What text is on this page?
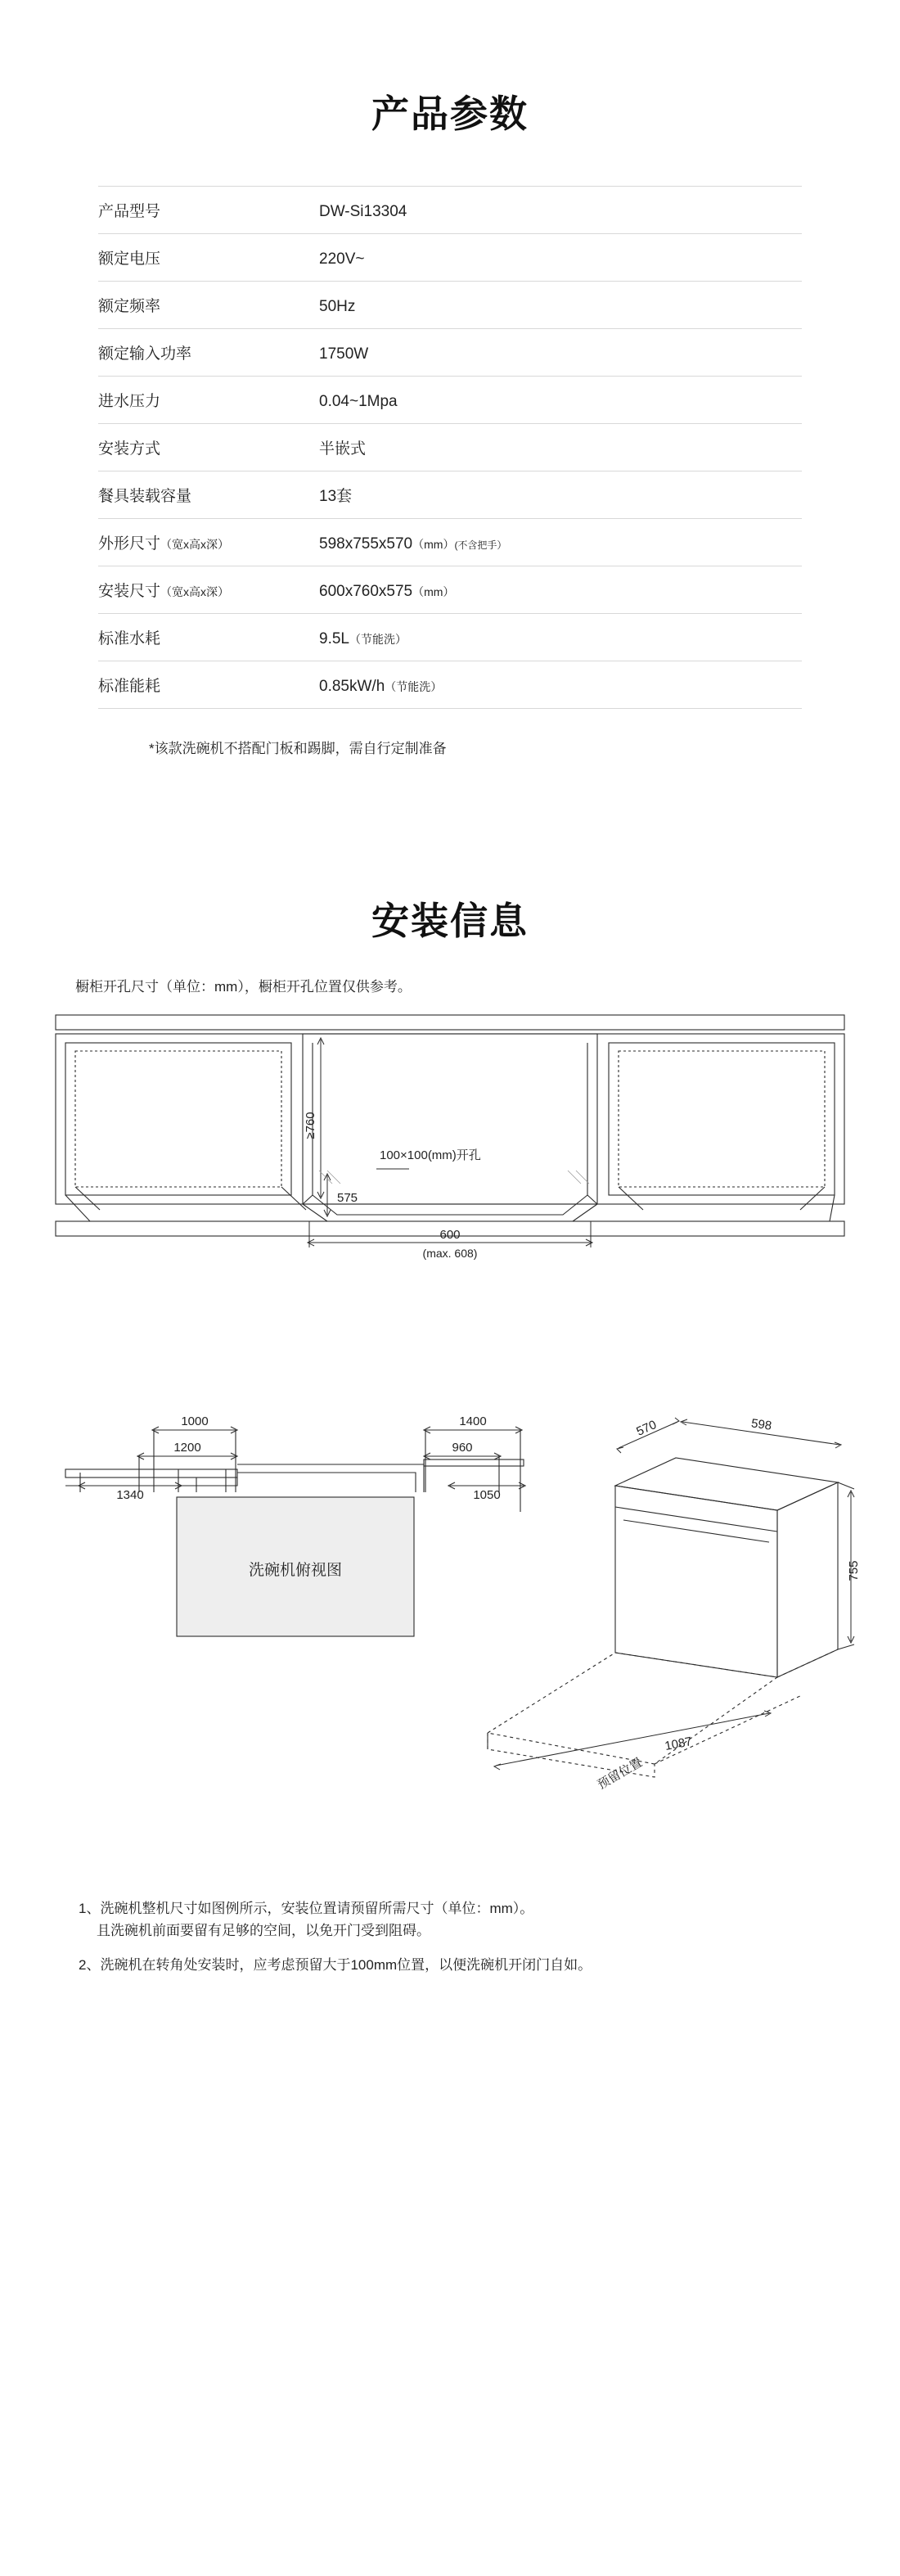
产品参数
产品型号	DW-Si13304
额定电压	220V~
额定频率	50Hz
额定输入功率	1750W
进水压力	0.04~1Mpa
安装方式	半嵌式
餐具装载容量	13套
外形尺寸（宽x高x深）	598x755x570（mm）(不含把手）
安装尺寸（宽x高x深）	600x760x575（mm）
标准水耗	9.5L（节能洗）
标准能耗	0.85kW/h（节能洗）
*该款洗碗机不搭配门板和踢脚，需自行定制准备
安装信息
橱柜开孔尺寸（单位：mm），橱柜开孔位置仅供参考。
≥760
100×100(mm)开孔
575
600
(max. 608)
1000	1400
1200	960
1340	1050
洗碗机俯视图
570	598
755
1087
预留位置

1、洗碗机整机尺寸如图例所示，安装位置请预留所需尺寸（单位：mm）。
且洗碗机前面要留有足够的空间，以免开门受到阻碍。

2、洗碗机在转角处安装时，应考虑预留大于100mm位置，以便洗碗机开闭门自如。
